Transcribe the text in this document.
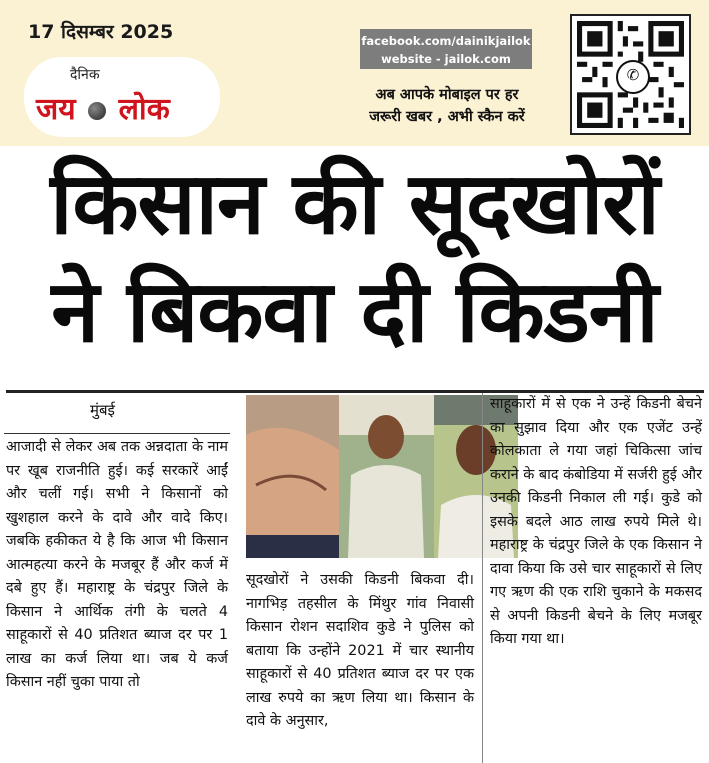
17 दिसम्बर 2025
दैनिक
जय लोक
facebook.com/dainikjailok
website - jailok.com
अब आपके मोबाइल पर हर
जरूरी खबर , अभी स्कैन करें
✆
किसान की सूदखोरों
ने बिकवा दी किडनी
मुंबई
आजादी से लेकर अब तक अन्नदाता के नाम पर खूब राजनीति हुई। कई सरकारें आईं और चलीं गई। सभी ने किसानों को खुशहाल करने के दावे और वादे किए। जबकि हकीकत ये है कि आज भी किसान आत्महत्या करने के मजबूर हैं और कर्ज में दबे हुए हैं। महाराष्ट्र के चंद्रपुर जिले के किसान ने आर्थिक तंगी के चलते 4 साहूकारों से 40 प्रतिशत ब्याज दर पर 1 लाख का कर्ज लिया था। जब ये कर्ज किसान नहीं चुका पाया तो
सूदखोरों ने उसकी किडनी बिकवा दी। नागभिड़ तहसील के मिंथुर गांव निवासी किसान रोशन सदाशिव कुडे ने पुलिस को बताया कि उन्होंने 2021 में चार स्थानीय साहूकारों से 40 प्रतिशत ब्याज दर पर एक लाख रुपये का ऋण लिया था। किसान के दावे के अनुसार,
साहूकारों में से एक ने उन्हें किडनी बेचने का सुझाव दिया और एक एजेंट उन्हें कोलकाता ले गया जहां चिकित्सा जांच कराने के बाद कंबोडिया में सर्जरी हुई और उनकी किडनी निकाल ली गई। कुडे को इसके बदले आठ लाख रुपये मिले थे। महाराष्ट्र के चंद्रपुर जिले के एक किसान ने दावा किया कि उसे चार साहूकारों से लिए गए ऋण की एक राशि चुकाने के मकसद से अपनी किडनी बेचने के लिए मजबूर किया गया था।
